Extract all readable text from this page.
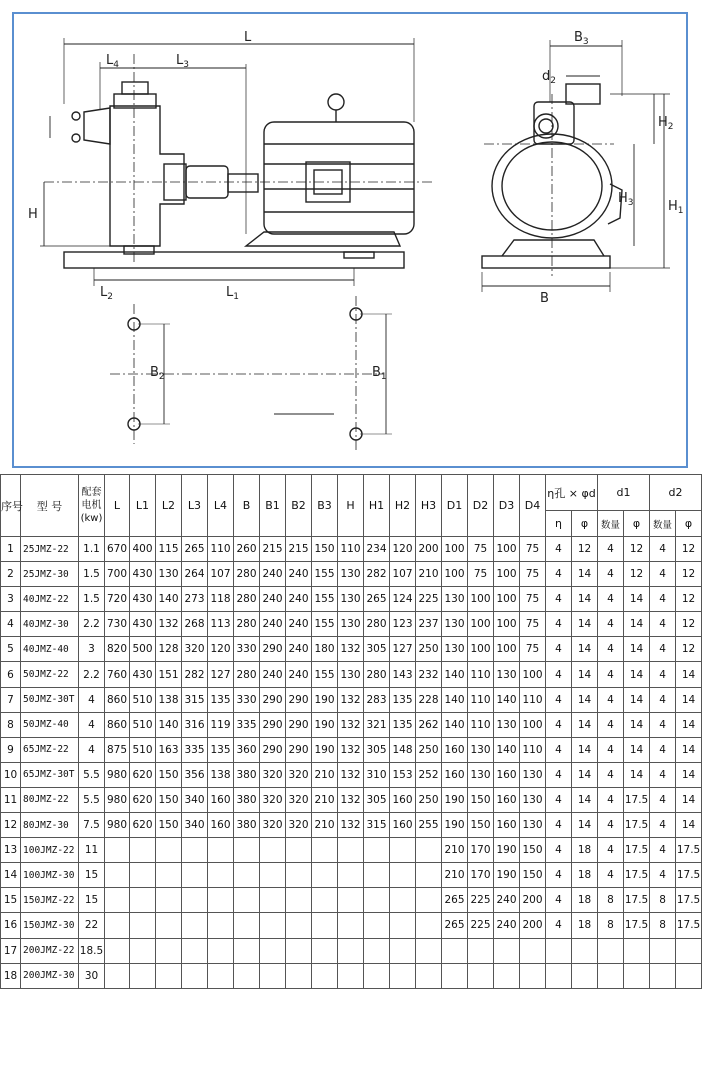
L
$L_4$	$L_3$
$L_2$	$L_1$
H
$B_3$
$d_2$
$H_2$
$H_3$	$H_1$
B
$B_2$	$B_1$
序号	型 号	配套电机
(kw)	L	L1	L2	L3	L4	B	B1	B2	B3	H	H1	H2	H3	D1	D2	D3	D4	η孔 × φd		d1		d2	
																				η	φ	数量	φ	数量	φ
1	25JMZ-22	1.1	670	400	115	265	110	260	215	215	150	110	234	120	200	100	75	100	75	4	12	4	12	4	12
2	25JMZ-30	1.5	700	430	130	264	107	280	240	240	155	130	282	107	210	100	75	100	75	4	14	4	12	4	12
3	40JMZ-22	1.5	720	430	140	273	118	280	240	240	155	130	265	124	225	130	100	100	75	4	14	4	14	4	12
4	40JMZ-30	2.2	730	430	132	268	113	280	240	240	155	130	280	123	237	130	100	100	75	4	14	4	14	4	12
5	40JMZ-40	3	820	500	128	320	120	330	290	240	180	132	305	127	250	130	100	100	75	4	14	4	14	4	12
6	50JMZ-22	2.2	760	430	151	282	127	280	240	240	155	130	280	143	232	140	110	130	100	4	14	4	14	4	14
7	50JMZ-30T	4	860	510	138	315	135	330	290	290	190	132	283	135	228	140	110	140	110	4	14	4	14	4	14
8	50JMZ-40	4	860	510	140	316	119	335	290	290	190	132	321	135	262	140	110	130	100	4	14	4	14	4	14
9	65JMZ-22	4	875	510	163	335	135	360	290	290	190	132	305	148	250	160	130	140	110	4	14	4	14	4	14
10	65JMZ-30T	5.5	980	620	150	356	138	380	320	320	210	132	310	153	252	160	130	160	130	4	14	4	14	4	14
11	80JMZ-22	5.5	980	620	150	340	160	380	320	320	210	132	305	160	250	190	150	160	130	4	14	4	17.5	4	14
12	80JMZ-30	7.5	980	620	150	340	160	380	320	320	210	132	315	160	255	190	150	160	130	4	14	4	17.5	4	14
13	100JMZ-22	11														210	170	190	150	4	18	4	17.5	4	17.5
14	100JMZ-30	15														210	170	190	150	4	18	4	17.5	4	17.5
15	150JMZ-22	15														265	225	240	200	4	18	8	17.5	8	17.5
16	150JMZ-30	22														265	225	240	200	4	18	8	17.5	8	17.5
17	200JMZ-22	18.5																							
18	200JMZ-30	30																							
